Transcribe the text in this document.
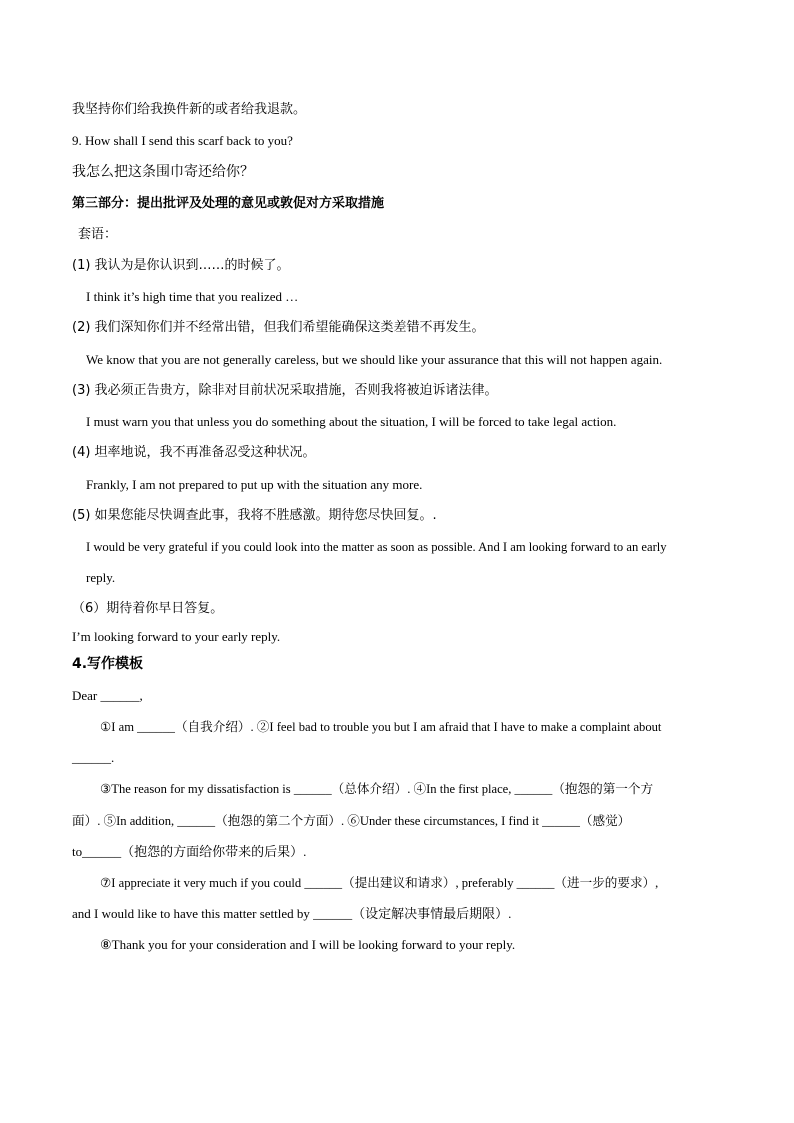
我坚持你们给我换件新的或者给我退款。
9. How shall I send this scarf back to you?
我怎么把这条围巾寄还给你？
第三部分：提出批评及处理的意见或敦促对方采取措施
套语：
(1) 我认为是你认识到……的时候了。
I think it’s high time that you realized …
(2) 我们深知你们并不经常出错，但我们希望能确保这类差错不再发生。
We know that you are not generally careless, but we should like your assurance that this will not happen again.
(3) 我必须正告贵方，除非对目前状况采取措施，否则我将被迫诉诸法律。
I must warn you that unless you do something about the situation, I will be forced to take legal action.
(4) 坦率地说，我不再准备忍受这种状况。
Frankly, I am not prepared to put up with the situation any more.
(5) 如果您能尽快调查此事，我将不胜感激。期待您尽快回复。.
I would be very grateful if you could look into the matter as soon as possible. And I am looking forward to an early
reply.
（6）期待着你早日答复。
I’m looking forward to your early reply.
4.写作模板
Dear ______,
①I am ______（自我介绍）. ②I feel bad to trouble you but I am afraid that I have to make a complaint about
______.
③The reason for my dissatisfaction is ______（总体介绍）. ④In the first place, ______（抱怨的第一个方
面）. ⑤In addition, ______（抱怨的第二个方面）. ⑥Under these circumstances, I find it ______（感觉）
to______（抱怨的方面给你带来的后果）.
⑦I appreciate it very much if you could ______（提出建议和请求）, preferably ______（进一步的要求）,
and I would like to have this matter settled by ______（设定解决事情最后期限）.
⑧Thank you for your consideration and I will be looking forward to your reply.
